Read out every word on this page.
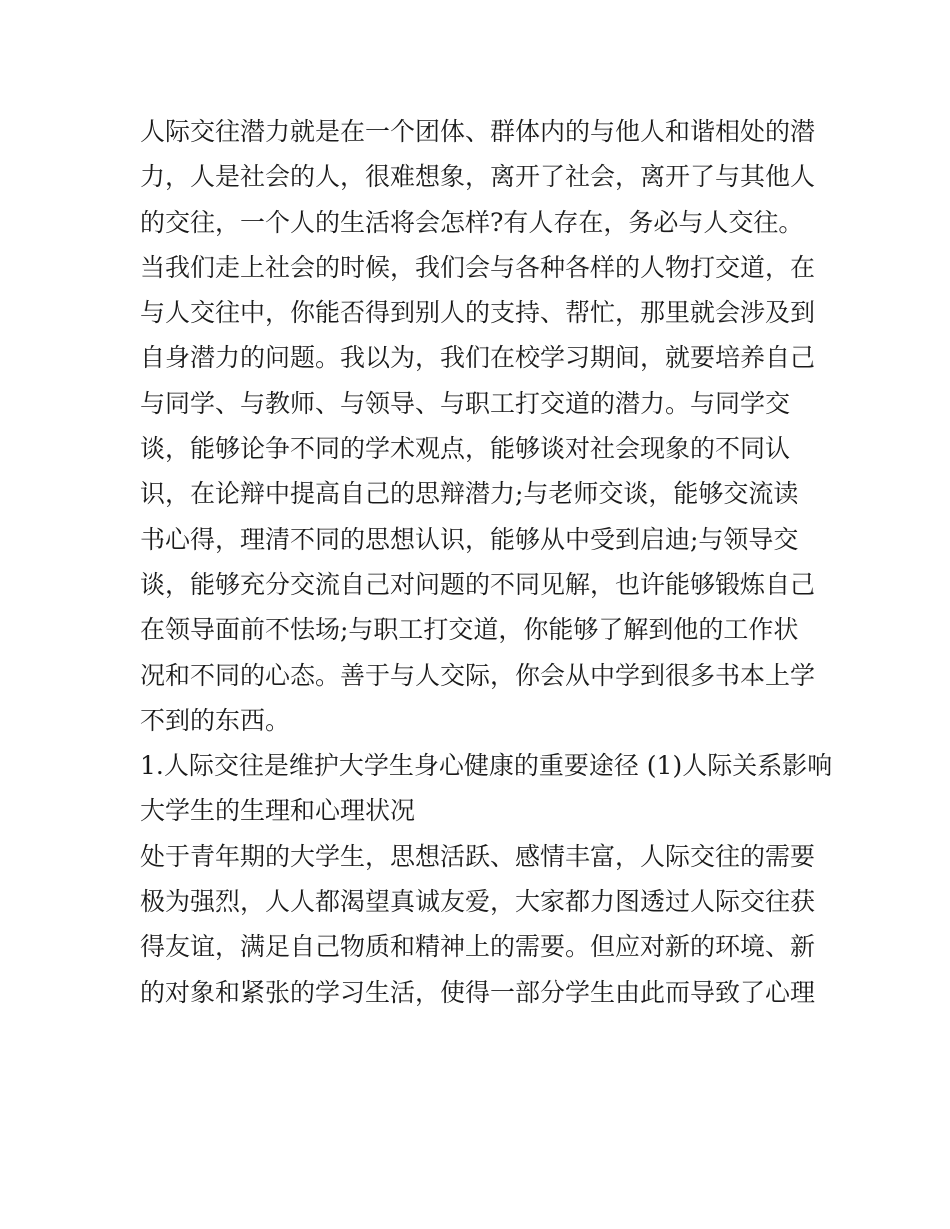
人际交往潜力就是在一个团体、群体内的与他人和谐相处的潜
力，人是社会的人，很难想象，离开了社会，离开了与其他人
的交往，一个人的生活将会怎样?有人存在，务必与人交往。
当我们走上社会的时候，我们会与各种各样的人物打交道，在
与人交往中，你能否得到别人的支持、帮忙，那里就会涉及到
自身潜力的问题。我以为，我们在校学习期间，就要培养自己
与同学、与教师、与领导、与职工打交道的潜力。与同学交
谈，能够论争不同的学术观点，能够谈对社会现象的不同认
识，在论辩中提高自己的思辩潜力;与老师交谈，能够交流读
书心得，理清不同的思想认识，能够从中受到启迪;与领导交
谈，能够充分交流自己对问题的不同见解，也许能够锻炼自己
在领导面前不怯场;与职工打交道，你能够了解到他的工作状
况和不同的心态。善于与人交际，你会从中学到很多书本上学
不到的东西。
1.人际交往是维护大学生身心健康的重要途径 (1)人际关系影响
大学生的生理和心理状况
处于青年期的大学生，思想活跃、感情丰富，人际交往的需要
极为强烈，人人都渴望真诚友爱，大家都力图透过人际交往获
得友谊，满足自己物质和精神上的需要。但应对新的环境、新
的对象和紧张的学习生活，使得一部分学生由此而导致了心理
